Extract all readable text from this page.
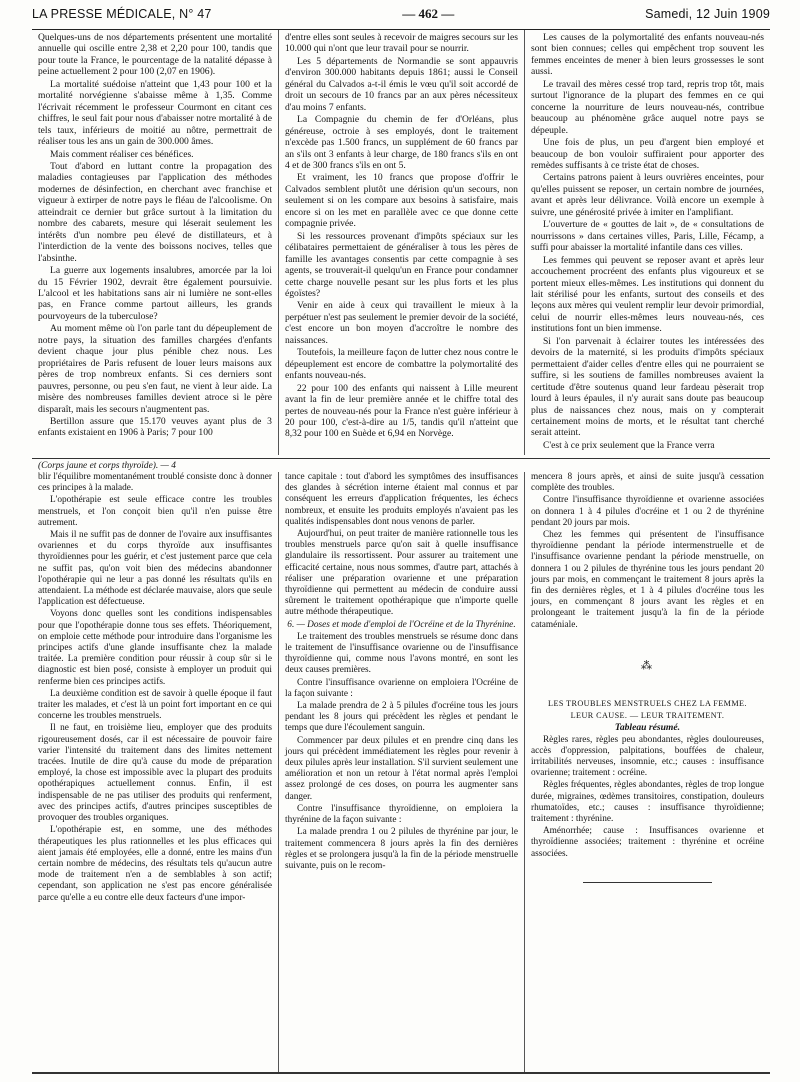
LA PRESSE MÉDICALE, N° 47	— 462 —	Samedi, 12 Juin 1909

Quelques-uns de nos départements présentent une mortalité annuelle qui oscille entre 2,38 et 2,20 pour 100, tandis que pour toute la France, le pourcentage de la natalité dépasse à peine actuellement 2 pour 100 (2,07 en 1906).

La mortalité suédoise n'atteint que 1,43 pour 100 et la mortalité norvégienne s'abaisse même à 1,35. Comme l'écrivait récemment le professeur Courmont en citant ces chiffres, le seul fait pour nous d'abaisser notre mortalité à de tels taux, inférieurs de moitié au nôtre, permettrait de réaliser tous les ans un gain de 300.000 âmes.

Mais comment réaliser ces bénéfices.

Tout d'abord en luttant contre la propagation des maladies contagieuses par l'application des méthodes modernes de désinfection, en cherchant avec franchise et vigueur à extirper de notre pays le fléau de l'alcoolisme. On atteindrait ce dernier but grâce surtout à la limitation du nombre des cabarets, mesure qui léserait seulement les intérêts d'un nombre peu élevé de distillateurs, et à l'interdiction de la vente des boissons nocives, telles que l'absinthe.

La guerre aux logements insalubres, amorcée par la loi du 15 Février 1902, devrait être également poursuivie. L'alcool et les habitations sans air ni lumière ne sont-elles pas, en France comme partout ailleurs, les grands pourvoyeurs de la tuberculose?

Au moment même où l'on parle tant du dépeuplement de notre pays, la situation des familles chargées d'enfants devient chaque jour plus pénible chez nous. Les propriétaires de Paris refusent de louer leurs maisons aux pères de trop nombreux enfants. Si ces derniers sont pauvres, personne, ou peu s'en faut, ne vient à leur aide. La misère des nombreuses familles devient atroce si le père disparaît, mais les secours n'augmentent pas.

Bertillon assure que 15.170 veuves ayant plus de 3 enfants existaient en 1906 à Paris; 7 pour 100

d'entre elles sont seules à recevoir de maigres secours sur les 10.000 qui n'ont que leur travail pour se nourrir.

Les 5 départements de Normandie se sont appauvris d'environ 300.000 habitants depuis 1861; aussi le Conseil général du Calvados a-t-il émis le vœu qu'il soit accordé de droit un secours de 10 francs par an aux pères nécessiteux d'au moins 7 enfants.

La Compagnie du chemin de fer d'Orléans, plus généreuse, octroie à ses employés, dont le traitement n'excède pas 1.500 francs, un supplément de 60 francs par an s'ils ont 3 enfants à leur charge, de 180 francs s'ils en ont 4 et de 300 francs s'ils en ont 5.

Et vraiment, les 10 francs que propose d'offrir le Calvados semblent plutôt une dérision qu'un secours, non seulement si on les compare aux besoins à satisfaire, mais encore si on les met en parallèle avec ce que donne cette compagnie privée.

Si les ressources provenant d'impôts spéciaux sur les célibataires permettaient de généraliser à tous les pères de famille les avantages consentis par cette compagnie à ses agents, se trouverait-il quelqu'un en France pour condamner cette charge nouvelle pesant sur les plus forts et les plus égoïstes?

Venir en aide à ceux qui travaillent le mieux à la perpétuer n'est pas seulement le premier devoir de la société, c'est encore un bon moyen d'accroître le nombre des naissances.

Toutefois, la meilleure façon de lutter chez nous contre le dépeuplement est encore de combattre la polymortalité des enfants nouveau-nés.

22 pour 100 des enfants qui naissent à Lille meurent avant la fin de leur première année et le chiffre total des pertes de nouveau-nés pour la France n'est guère inférieur à 20 pour 100, c'est-à-dire au 1/5, tandis qu'il n'atteint que 8,32 pour 100 en Suède et 6,94 en Norvège.

Les causes de la polymortalité des enfants nouveau-nés sont bien connues; celles qui empêchent trop souvent les femmes enceintes de mener à bien leurs grossesses le sont aussi.

Le travail des mères cessé trop tard, repris trop tôt, mais surtout l'ignorance de la plupart des femmes en ce qui concerne la nourriture de leurs nouveau-nés, contribue beaucoup au phénomène grâce auquel notre pays se dépeuple.

Une fois de plus, un peu d'argent bien employé et beaucoup de bon vouloir suffiraient pour apporter des remèdes suffisants à ce triste état de choses.

Certains patrons paient à leurs ouvrières enceintes, pour qu'elles puissent se reposer, un certain nombre de journées, avant et après leur délivrance. Voilà encore un exemple à suivre, une générosité privée à imiter en l'amplifiant.

L'ouverture de « gouttes de lait », de « consultations de nourrissons » dans certaines villes, Paris, Lille, Fécamp, a suffi pour abaisser la mortalité infantile dans ces villes.

Les femmes qui peuvent se reposer avant et après leur accouchement procréent des enfants plus vigoureux et se portent mieux elles-mêmes. Les institutions qui donnent du lait stérilisé pour les enfants, surtout des conseils et des leçons aux mères qui veulent remplir leur devoir primordial, celui de nourrir elles-mêmes leurs nouveau-nés, ces institutions font un bien immense.

Si l'on parvenait à éclairer toutes les intéressées des devoirs de la maternité, si les produits d'impôts spéciaux permettaient d'aider celles d'entre elles qui ne pourraient se suffire, si les soutiens de familles nombreuses avaient la certitude d'être soutenus quand leur fardeau pèserait trop lourd à leurs épaules, il n'y aurait sans doute pas beaucoup plus de naissances chez nous, mais on y compterait certainement moins de morts, et le résultat tant cherché serait atteint.

C'est à ce prix seulement que la France verra

(Corps jaune et corps thyroïde). — 4

blir l'équilibre momentanément troublé consiste donc à donner ces principes à la malade.

L'opothérapie est seule efficace contre les troubles menstruels, et l'on conçoit bien qu'il n'en puisse être autrement.

Mais il ne suffit pas de donner de l'ovaire aux insuffisantes ovariennes et du corps thyroïde aux insuffisantes thyroïdiennes pour les guérir, et c'est justement parce que cela ne suffit pas, qu'on voit bien des médecins abandonner l'opothérapie qui ne leur a pas donné les résultats qu'ils en attendaient. La méthode est déclarée mauvaise, alors que seule l'application est défectueuse.

Voyons donc quelles sont les conditions indispensables pour que l'opothérapie donne tous ses effets. Théoriquement, on emploie cette méthode pour introduire dans l'organisme les principes actifs d'une glande insuffisante chez la malade traitée. La première condition pour réussir à coup sûr si le diagnostic est bien posé, consiste à employer un produit qui renferme bien ces principes actifs.

La deuxième condition est de savoir à quelle époque il faut traiter les malades, et c'est là un point fort important en ce qui concerne les troubles menstruels.

Il ne faut, en troisième lieu, employer que des produits rigoureusement dosés, car il est nécessaire de pouvoir faire varier l'intensité du traitement dans des limites nettement tracées. Inutile de dire qu'à cause du mode de préparation employé, la chose est impossible avec la plupart des produits opothérapiques actuellement connus. Enfin, il est indispensable de ne pas utiliser des produits qui renferment, avec des principes actifs, d'autres principes susceptibles de provoquer des troubles organiques.

L'opothérapie est, en somme, une des méthodes thérapeutiques les plus rationnelles et les plus efficaces qui aient jamais été employées, elle a donné, entre les mains d'un certain nombre de médecins, des résultats tels qu'aucun autre mode de traitement n'en a de semblables à son actif; cependant, son application ne s'est pas encore généralisée parce qu'elle a eu contre elle deux facteurs d'une impor-

tance capitale : tout d'abord les symptômes des insuffisances des glandes à sécrétion interne étaient mal connus et par conséquent les erreurs d'application fréquentes, les échecs nombreux, et ensuite les produits employés n'avaient pas les qualités indispensables dont nous venons de parler.

Aujourd'hui, on peut traiter de manière rationnelle tous les troubles menstruels parce qu'on sait à quelle insuffisance glandulaire ils ressortissent. Pour assurer au traitement une efficacité certaine, nous nous sommes, d'autre part, attachés à réaliser une préparation ovarienne et une préparation thyroïdienne qui permettent au médecin de conduire aussi sûrement le traitement opothérapique que n'importe quelle autre méthode thérapeutique.

6. — Doses et mode d'emploi de l'Ocréine et de la Thyrénine.

Le traitement des troubles menstruels se résume donc dans le traitement de l'insuffisance ovarienne ou de l'insuffisance thyroïdienne qui, comme nous l'avons montré, en sont les deux causes premières.

Contre l'insuffisance ovarienne on emploiera l'Ocréine de la façon suivante :

La malade prendra de 2 à 5 pilules d'ocréine tous les jours pendant les 8 jours qui précèdent les règles et pendant le temps que dure l'écoulement sanguin.

Commencer par deux pilules et en prendre cinq dans les jours qui précèdent immédiatement les règles pour revenir à deux pilules après leur installation. S'il survient seulement une amélioration et non un retour à l'état normal après l'emploi assez prolongé de ces doses, on pourra les augmenter sans danger.

Contre l'insuffisance thyroïdienne, on emploiera la thyrénine de la façon suivante :

La malade prendra 1 ou 2 pilules de thyrénine par jour, le traitement commencera 8 jours après la fin des dernières règles et se prolongera jusqu'à la fin de la période menstruelle suivante, puis on le recom-

mencera 8 jours après, et ainsi de suite jusqu'à cessation complète des troubles.

Contre l'insuffisance thyroïdienne et ovarienne associées on donnera 1 à 4 pilules d'ocréine et 1 ou 2 de thyrénine pendant 20 jours par mois.

Chez les femmes qui présentent de l'insuffisance thyroïdienne pendant la période intermenstruelle et de l'insuffisance ovarienne pendant la période menstruelle, on donnera 1 ou 2 pilules de thyrénine tous les jours pendant 20 jours par mois, en commençant le traitement 8 jours après la fin des dernières règles, et 1 à 4 pilules d'ocréine tous les jours, en commençant 8 jours avant les règles et en prolongeant le traitement jusqu'à la fin de la période cataméniale.

⁂

LES TROUBLES MENSTRUELS CHEZ LA FEMME.

LEUR CAUSE. — LEUR TRAITEMENT.

Tableau résumé.

Règles rares, règles peu abondantes, règles douloureuses, accès d'oppression, palpitations, bouffées de chaleur, irritabilités nerveuses, insomnie, etc.; causes : insuffisance ovarienne; traitement : ocréine.

Règles fréquentes, règles abondantes, règles de trop longue durée, migraines, œdèmes transitoires, constipation, douleurs rhumatoïdes, etc.; causes : insuffisance thyroïdienne; traitement : thyrénine.

Aménorrhée; cause : Insuffisances ovarienne et thyroïdienne associées; traitement : thyrénine et ocréine associées.
